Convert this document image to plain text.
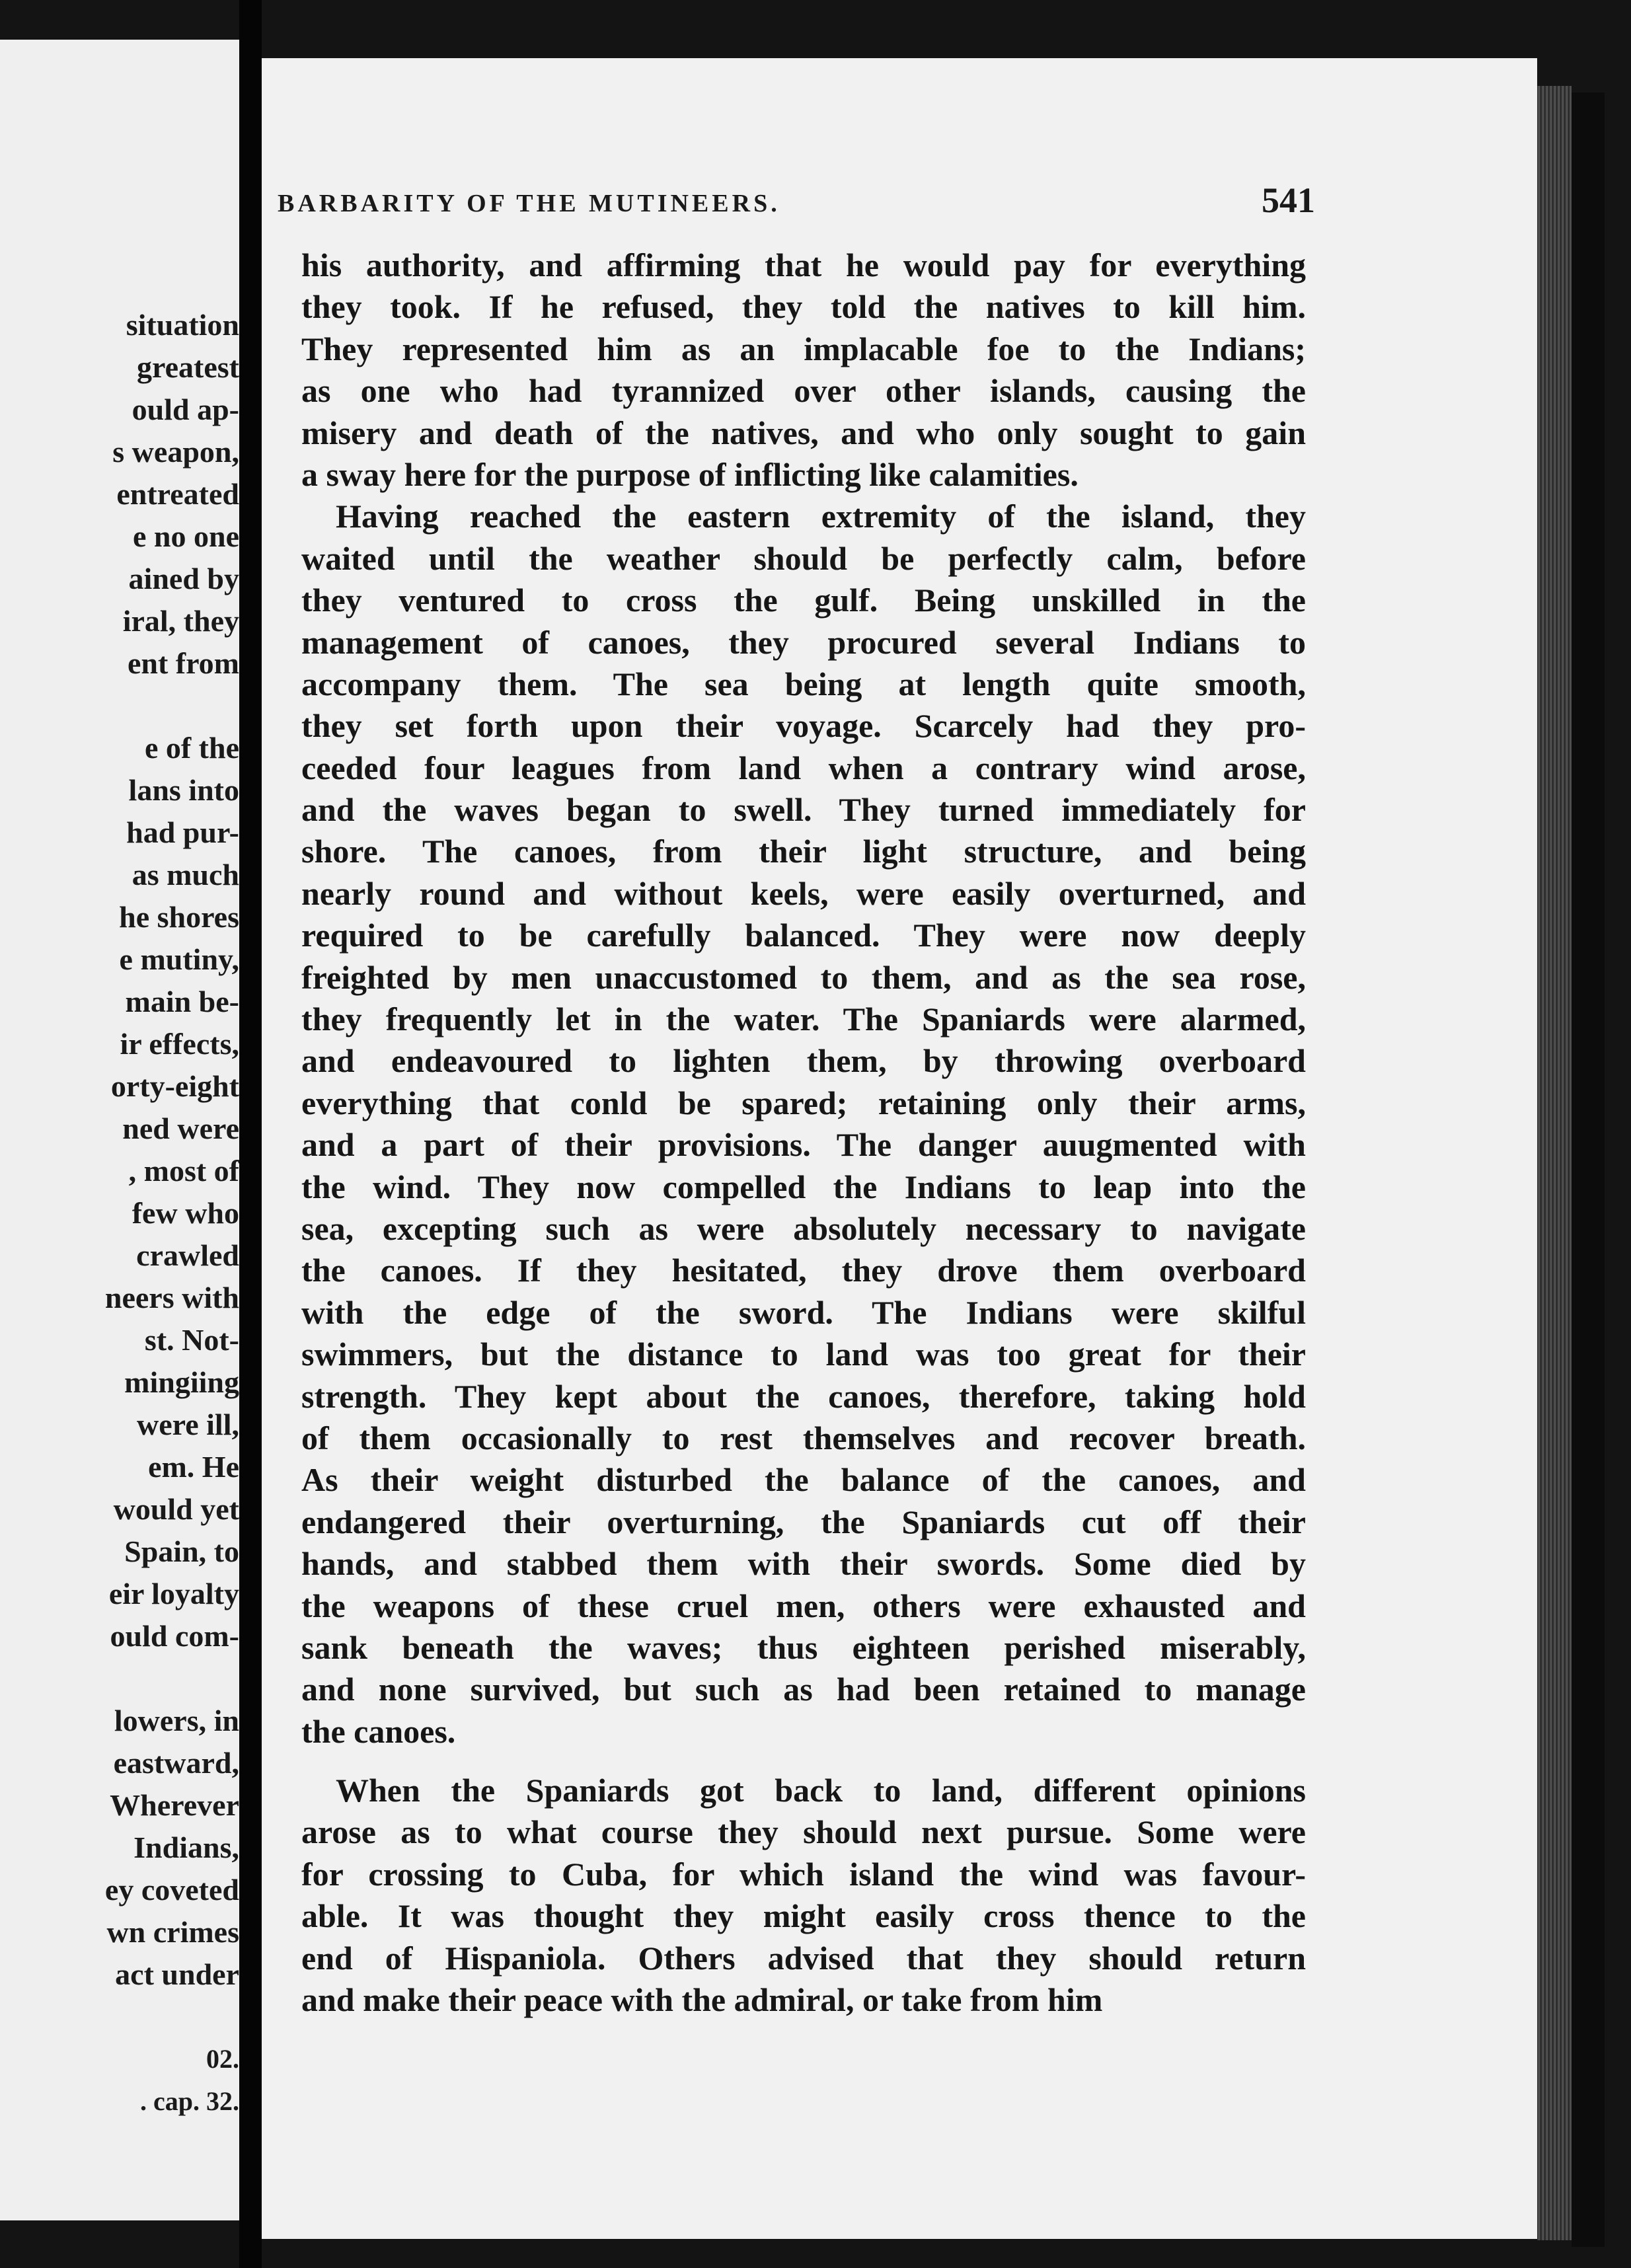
situation
greatest
ould ap-
s weapon,
entreated
e no one
ained by
iral, they
ent from
e of the
lans into
had pur-
as much
he shores
e mutiny,
main be-
ir effects,
orty-eight
ned were
, most of
few who
crawled
neers with
st. Not-
mingiing
were ill,
em. He
would yet
Spain, to
eir loyalty
ould com-
lowers, in
eastward,
Wherever
Indians,
ey coveted
wn crimes
act under
02.
. cap. 32.
BARBARITY OF THE MUTINEERS.	541
his authority, and affirming that he would pay for everything
they took. If he refused, they told the natives to kill him.
They represented him as an implacable foe to the Indians;
as one who had tyrannized over other islands, causing the
misery and death of the natives, and who only sought to gain
a sway here for the purpose of inflicting like calamities.
Having reached the eastern extremity of the island, they
waited until the weather should be perfectly calm, before
they ventured to cross the gulf. Being unskilled in the
management of canoes, they procured several Indians to
accompany them. The sea being at length quite smooth,
they set forth upon their voyage. Scarcely had they pro-
ceeded four leagues from land when a contrary wind arose,
and the waves began to swell. They turned immediately for
shore. The canoes, from their light structure, and being
nearly round and without keels, were easily overturned, and
required to be carefully balanced. They were now deeply
freighted by men unaccustomed to them, and as the sea rose,
they frequently let in the water. The Spaniards were alarmed,
and endeavoured to lighten them, by throwing overboard
everything that conld be spared; retaining only their arms,
and a part of their provisions. The danger auugmented with
the wind. They now compelled the Indians to leap into the
sea, excepting such as were absolutely necessary to navigate
the canoes. If they hesitated, they drove them overboard
with the edge of the sword. The Indians were skilful
swimmers, but the distance to land was too great for their
strength. They kept about the canoes, therefore, taking hold
of them occasionally to rest themselves and recover breath.
As their weight disturbed the balance of the canoes, and
endangered their overturning, the Spaniards cut off their
hands, and stabbed them with their swords. Some died by
the weapons of these cruel men, others were exhausted and
sank beneath the waves; thus eighteen perished miserably,
and none survived, but such as had been retained to manage
the canoes.
When the Spaniards got back to land, different opinions
arose as to what course they should next pursue. Some were
for crossing to Cuba, for which island the wind was favour-
able. It was thought they might easily cross thence to the
end of Hispaniola. Others advised that they should return
and make their peace with the admiral, or take from him
